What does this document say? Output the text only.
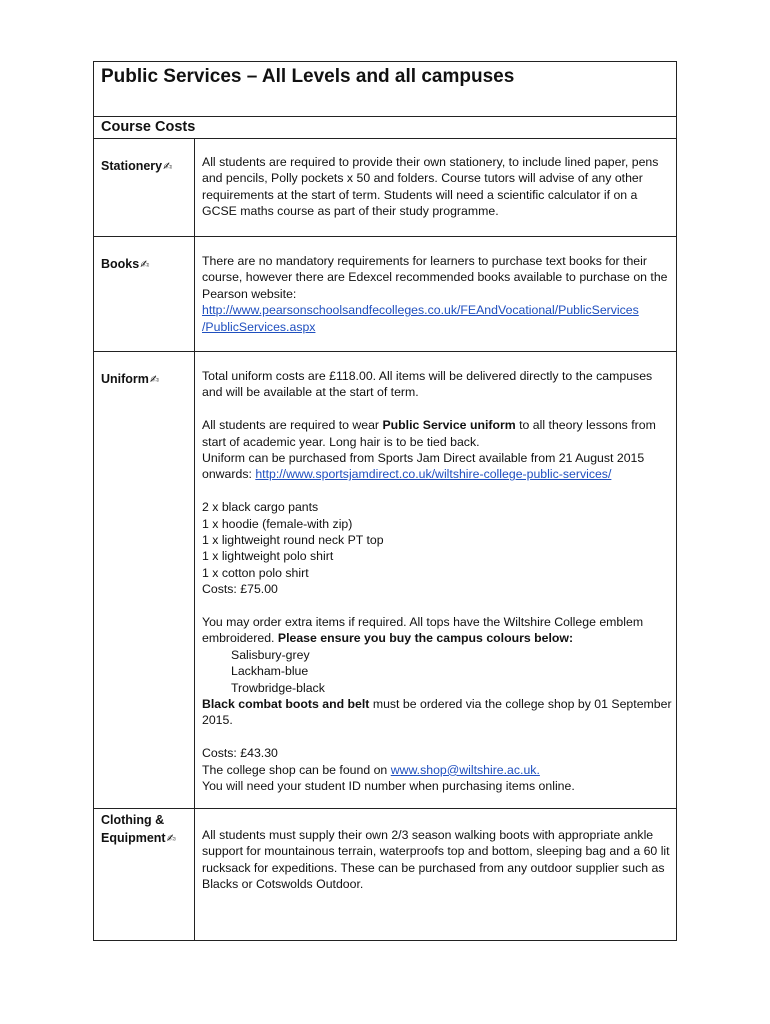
Public Services – All Levels and all campuses
Course Costs
Stationery✍ All students are required to provide their own stationery, to include lined paper, pens and pencils, Polly pockets x 50 and folders. Course tutors will advise of any other requirements at the start of term. Students will need a scientific calculator if on a GCSE maths course as part of their study programme.

Books✍	There are no mandatory requirements for learners to purchase text books for their course, however there are Edexcel recommended books available to purchase on the Pearson website:

http://www.pearsonschoolsandfecolleges.co.uk/FEAndVocational/PublicServices
/PublicServices.aspx

Uniform✍	Total uniform costs are £118.00. All items will be delivered directly to the campuses and will be available at the start of term.

All students are required to wear Public Service uniform to all theory lessons from start of academic year. Long hair is to be tied back.

Uniform can be purchased from Sports Jam Direct available from 21 August 2015 onwards: http://www.sportsjamdirect.co.uk/wiltshire-college-public-services/

2 x black cargo pants

1 x hoodie (female-with zip)

1 x lightweight round neck PT top

1 x lightweight polo shirt

1 x cotton polo shirt

Costs: £75.00

You may order extra items if required. All tops have the Wiltshire College emblem embroidered. Please ensure you buy the campus colours below:

Salisbury-grey

Lackham-blue

Trowbridge-black

Black combat boots and belt must be ordered via the college shop by 01 September 2015.

Costs: £43.30

The college shop can be found on www.shop@wiltshire.ac.uk.

You will need your student ID number when purchasing items online.

Clothing &
Equipment✍ All students must supply their own 2/3 season walking boots with appropriate ankle support for mountainous terrain, waterproofs top and bottom, sleeping bag and a 60 lit rucksack for expeditions. These can be purchased from any outdoor supplier such as Blacks or Cotswolds Outdoor.
